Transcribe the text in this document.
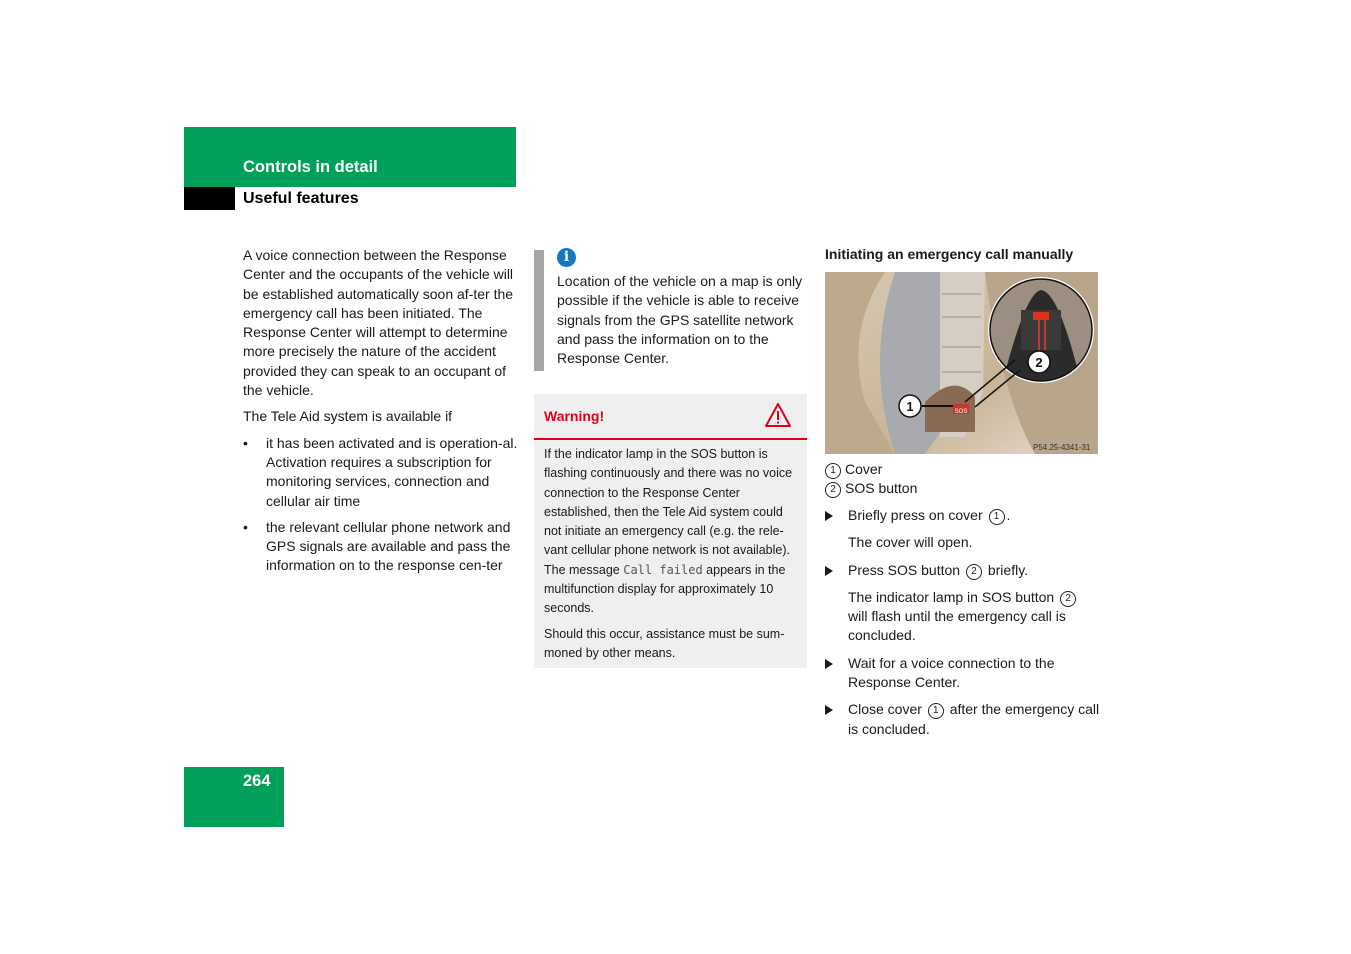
Controls in detail
Useful features

A voice connection between the Response Center and the occupants of the vehicle will be established automatically soon af-ter the emergency call has been initiated. The Response Center will attempt to determine more precisely the nature of the accident provided they can speak to an occupant of the vehicle.

The Tele Aid system is available if

• it has been activated and is operation-al. Activation requires a subscription for monitoring services, connection and cellular air time
• the relevant cellular phone network and GPS signals are available and pass the information on to the response cen-ter
i
Location of the vehicle on a map is only possible if the vehicle is able to receive signals from the GPS satellite network and pass the information on to the Response Center.
Warning!

If the indicator lamp in the SOS button is flashing continuously and there was no voice connection to the Response Center established, then the Tele Aid system could not initiate an emergency call (e.g. the rele-vant cellular phone network is not available). The message Call failed appears in the multifunction display for approximately 10 seconds.

Should this occur, assistance must be sum-moned by other means.

Initiating an emergency call manually
SOS
1
2
P54.25-4341-31
1 Cover
2 SOS button
Briefly press on cover 1 .
The cover will open.
Press SOS button 2 briefly.
The indicator lamp in SOS button 2 will flash until the emergency call is concluded.
Wait for a voice connection to the Response Center.
Close cover 1 after the emergency call is concluded.
264
